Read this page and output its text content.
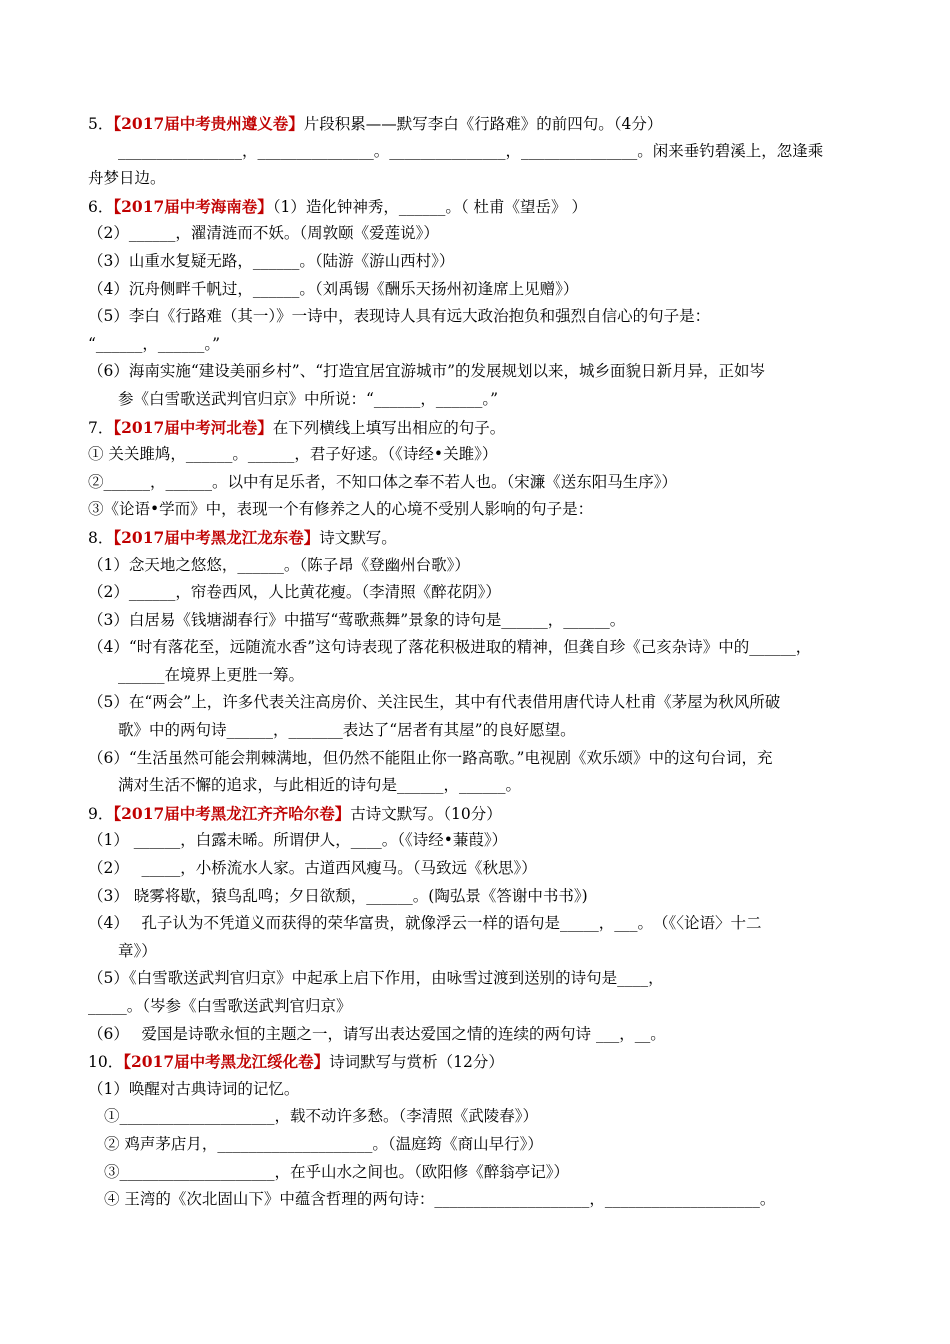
5．【2017届中考贵州遵义卷】片段积累——默写李白《行路难》的前四句。（4分）
________________，_______________。_______________，_______________。闲来垂钓碧溪上，忽逢乘
舟梦日边。
6．【2017届中考海南卷】（1）造化钟神秀，______。（ 杜甫《望岳》 ）
（2）______，濯清涟而不妖。（周敦颐《爱莲说》）
（3）山重水复疑无路，______。（陆游《游山西村》）
（4）沉舟侧畔千帆过，______。（刘禹锡《酬乐天扬州初逢席上见赠》）
（5）李白《行路难（其一）》一诗中，表现诗人具有远大政治抱负和强烈自信心的句子是：
“______，______。”
（6）海南实施“建设美丽乡村”、“打造宜居宜游城市”的发展规划以来，城乡面貌日新月异，正如岑
参《白雪歌送武判官归京》中所说：“______，______。”
7．【2017届中考河北卷】在下列横线上填写出相应的句子。
① 关关雎鸠，______。______，君子好逑。（《诗经•关雎》）
②______，______。以中有足乐者，不知口体之奉不若人也。（宋濂《送东阳马生序》）
③《论语•学而》中，表现一个有修养之人的心境不受别人影响的句子是：
8．【2017届中考黑龙江龙东卷】诗文默写。
（1）念天地之悠悠，______。（陈子昂《登幽州台歌》）
（2）______，帘卷西风，人比黄花瘦。（李清照《醉花阴》）
（3）白居易《钱塘湖春行》中描写“莺歌燕舞”景象的诗句是______，______。
（4）“时有落花至，远随流水香”这句诗表现了落花积极进取的精神，但龚自珍《己亥杂诗》中的______，
______在境界上更胜一筹。
（5）在“两会”上，许多代表关注高房价、关注民生，其中有代表借用唐代诗人杜甫《茅屋为秋风所破
歌》中的两句诗______，_______表达了“居者有其屋”的良好愿望。
（6）“生活虽然可能会荆棘满地，但仍然不能阻止你一路高歌。”电视剧《欢乐颂》中的这句台词，充
满对生活不懈的追求，与此相近的诗句是______，______。
9．【2017届中考黑龙江齐齐哈尔卷】古诗文默写。（10分）
（1） ______，白露未晞。所谓伊人，____。（《诗经•蒹葭》）
（2）　 _____，小桥流水人家。古道西风瘦马。（马致远《秋思》）
（3） 晓雾将歇，猿鸟乱鸣；夕日欲颓，______。(陶弘景《答谢中书书》)
（4）　 孔子认为不凭道义而获得的荣华富贵，就像浮云一样的语句是_____，___。　（《〈论语〉十二
章》）
（5）《白雪歌送武判官归京》中起承上启下作用，由咏雪过渡到送别的诗句是____，
_____。（岑参《白雪歌送武判官归京》
（6）　 爱国是诗歌永恒的主题之一，请写出表达爱国之情的连续的两句诗 ___，__。
10．【2017届中考黑龙江绥化卷】诗词默写与赏析（12分）
（1）唤醒对古典诗词的记忆。
①____________________，载不动许多愁。（李清照《武陵春》）
② 鸡声茅店月，____________________。（温庭筠《商山早行》）
③____________________，在乎山水之间也。（欧阳修《醉翁亭记》）
④ 王湾的《次北固山下》中蕴含哲理的两句诗：____________________，____________________。
